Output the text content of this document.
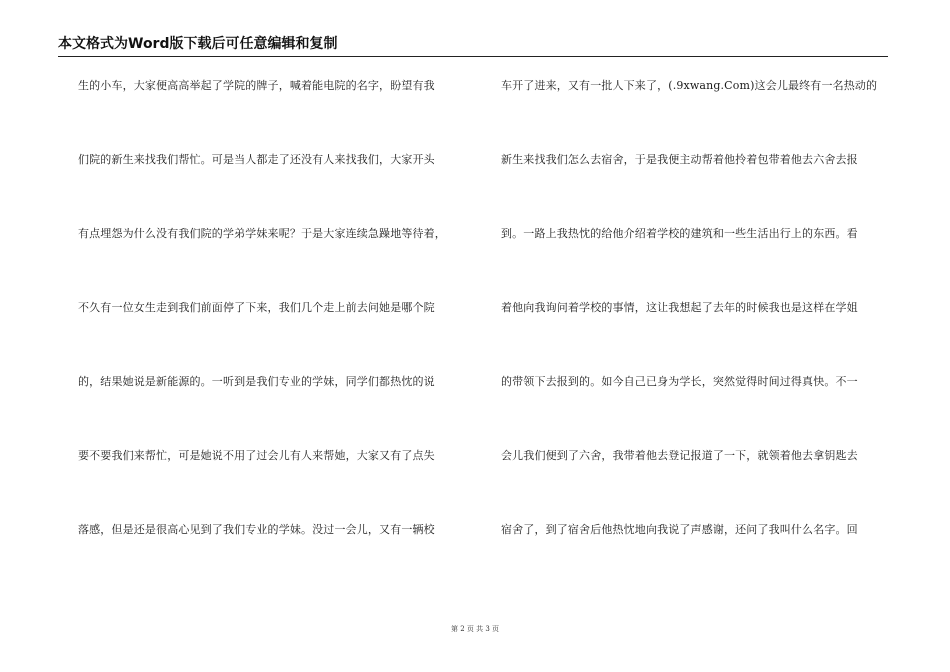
本文格式为Word版下载后可任意编辑和复制
生的小车，大家便高高举起了学院的牌子，喊着能电院的名字，盼望有我
们院的新生来找我们帮忙。可是当人都走了还没有人来找我们，大家开头
有点埋怨为什么没有我们院的学弟学妹来呢？于是大家连续急躁地等待着，
不久有一位女生走到我们前面停了下来，我们几个走上前去问她是哪个院
的，结果她说是新能源的。一听到是我们专业的学妹，同学们都热忱的说
要不要我们来帮忙，可是她说不用了过会儿有人来帮她，大家又有了点失
落感，但是还是很高心见到了我们专业的学妹。没过一会儿，又有一辆校
车开了进来，又有一批人下来了，(.9xwang.Com)这会儿最终有一名热动的
新生来找我们怎么去宿舍，于是我便主动帮着他拎着包带着他去六舍去报
到。一路上我热忱的给他介绍着学校的建筑和一些生活出行上的东西。看
着他向我询问着学校的事情，这让我想起了去年的时候我也是这样在学姐
的带领下去报到的。如今自己已身为学长，突然觉得时间过得真快。不一
会儿我们便到了六舍，我带着他去登记报道了一下，就领着他去拿钥匙去
宿舍了，到了宿舍后他热忱地向我说了声感谢，还问了我叫什么名字。回
第 2 页 共 3 页
